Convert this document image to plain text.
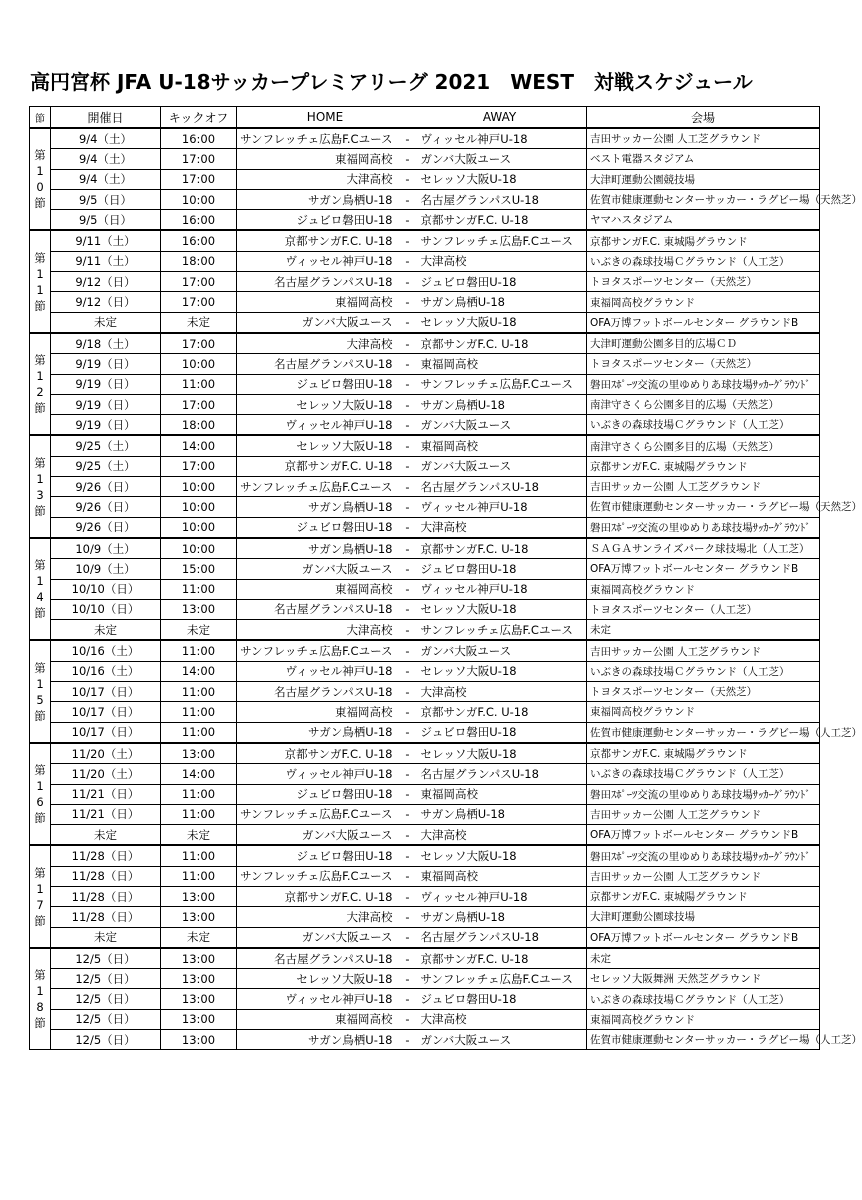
高円宮杯 JFA U-18サッカープレミアリーグ 2021　WEST　対戦スケジュール
節	開催日	キックオフ	HOME AWAY			会場

第
1
0
節	9/4（土）	16:00	サンフレッチェ広島F.Cユース	-	ヴィッセル神戸U-18	吉田サッカー公園 人工芝グラウンド
	9/4（土）	17:00	東福岡高校	-	ガンバ大阪ユース	ベスト電器スタジアム
	9/4（土）	17:00	大津高校	-	セレッソ大阪U-18	大津町運動公園競技場
	9/5（日）	10:00	サガン鳥栖U-18	-	名古屋グランパスU-18	佐賀市健康運動センターサッカー・ラグビー場（天然芝）
	9/5（日）	16:00	ジュビロ磐田U-18	-	京都サンガF.C. U-18	ヤマハスタジアム

第
1
1
節	9/11（土）	16:00	京都サンガF.C. U-18	-	サンフレッチェ広島F.Cユース	京都サンガF.C. 東城陽グラウンド
	9/11（土）	18:00	ヴィッセル神戸U-18	-	大津高校	いぶきの森球技場Ｃグラウンド（人工芝）
	9/12（日）	17:00	名古屋グランパスU-18	-	ジュビロ磐田U-18	トヨタスポーツセンター（天然芝）
	9/12（日）	17:00	東福岡高校	-	サガン鳥栖U-18	東福岡高校グラウンド
	未定	未定	ガンバ大阪ユース	-	セレッソ大阪U-18	OFA万博フットボールセンター グラウンドB

第
1
2
節	9/18（土）	17:00	大津高校	-	京都サンガF.C. U-18	大津町運動公園多目的広場ＣＤ
	9/19（日）	10:00	名古屋グランパスU-18	-	東福岡高校	トヨタスポーツセンター（天然芝）
	9/19（日）	11:00	ジュビロ磐田U-18	-	サンフレッチェ広島F.Cユース	磐田ｽﾎﾟｰﾂ交流の里ゆめりあ球技場ｻｯｶｰｸﾞﾗｳﾝﾄﾞ
	9/19（日）	17:00	セレッソ大阪U-18	-	サガン鳥栖U-18	南津守さくら公園多目的広場（天然芝）
	9/19（日）	18:00	ヴィッセル神戸U-18	-	ガンバ大阪ユース	いぶきの森球技場Ｃグラウンド（人工芝）

第
1
3
節	9/25（土）	14:00	セレッソ大阪U-18	-	東福岡高校	南津守さくら公園多目的広場（天然芝）
	9/25（土）	17:00	京都サンガF.C. U-18	-	ガンバ大阪ユース	京都サンガF.C. 東城陽グラウンド
	9/26（日）	10:00	サンフレッチェ広島F.Cユース	-	名古屋グランパスU-18	吉田サッカー公園 人工芝グラウンド
	9/26（日）	10:00	サガン鳥栖U-18	-	ヴィッセル神戸U-18	佐賀市健康運動センターサッカー・ラグビー場（天然芝）
	9/26（日）	10:00	ジュビロ磐田U-18	-	大津高校	磐田ｽﾎﾟｰﾂ交流の里ゆめりあ球技場ｻｯｶｰｸﾞﾗｳﾝﾄﾞ

第
1
4
節	10/9（土）	10:00	サガン鳥栖U-18	-	京都サンガF.C. U-18	ＳＡＧＡサンライズパーク球技場北（人工芝）
	10/9（土）	15:00	ガンバ大阪ユース	-	ジュビロ磐田U-18	OFA万博フットボールセンター グラウンドB
	10/10（日）	11:00	東福岡高校	-	ヴィッセル神戸U-18	東福岡高校グラウンド
	10/10（日）	13:00	名古屋グランパスU-18	-	セレッソ大阪U-18	トヨタスポーツセンター（人工芝）
	未定	未定	大津高校	-	サンフレッチェ広島F.Cユース	未定

第
1
5
節	10/16（土）	11:00	サンフレッチェ広島F.Cユース	-	ガンバ大阪ユース	吉田サッカー公園 人工芝グラウンド
	10/16（土）	14:00	ヴィッセル神戸U-18	-	セレッソ大阪U-18	いぶきの森球技場Ｃグラウンド（人工芝）
	10/17（日）	11:00	名古屋グランパスU-18	-	大津高校	トヨタスポーツセンター（天然芝）
	10/17（日）	11:00	東福岡高校	-	京都サンガF.C. U-18	東福岡高校グラウンド
	10/17（日）	11:00	サガン鳥栖U-18	-	ジュビロ磐田U-18	佐賀市健康運動センターサッカー・ラグビー場（人工芝）

第
1
6
節	11/20（土）	13:00	京都サンガF.C. U-18	-	セレッソ大阪U-18	京都サンガF.C. 東城陽グラウンド
	11/20（土）	14:00	ヴィッセル神戸U-18	-	名古屋グランパスU-18	いぶきの森球技場Ｃグラウンド（人工芝）
	11/21（日）	11:00	ジュビロ磐田U-18	-	東福岡高校	磐田ｽﾎﾟｰﾂ交流の里ゆめりあ球技場ｻｯｶｰｸﾞﾗｳﾝﾄﾞ
	11/21（日）	11:00	サンフレッチェ広島F.Cユース	-	サガン鳥栖U-18	吉田サッカー公園 人工芝グラウンド
	未定	未定	ガンバ大阪ユース	-	大津高校	OFA万博フットボールセンター グラウンドB

第
1
7
節	11/28（日）	11:00	ジュビロ磐田U-18	-	セレッソ大阪U-18	磐田ｽﾎﾟｰﾂ交流の里ゆめりあ球技場ｻｯｶｰｸﾞﾗｳﾝﾄﾞ
	11/28（日）	11:00	サンフレッチェ広島F.Cユース	-	東福岡高校	吉田サッカー公園 人工芝グラウンド
	11/28（日）	13:00	京都サンガF.C. U-18	-	ヴィッセル神戸U-18	京都サンガF.C. 東城陽グラウンド
	11/28（日）	13:00	大津高校	-	サガン鳥栖U-18	大津町運動公園球技場
	未定	未定	ガンバ大阪ユース	-	名古屋グランパスU-18	OFA万博フットボールセンター グラウンドB

第
1
8
節	12/5（日）	13:00	名古屋グランパスU-18	-	京都サンガF.C. U-18	未定
	12/5（日）	13:00	セレッソ大阪U-18	-	サンフレッチェ広島F.Cユース	セレッソ大阪舞洲 天然芝グラウンド
	12/5（日）	13:00	ヴィッセル神戸U-18	-	ジュビロ磐田U-18	いぶきの森球技場Ｃグラウンド（人工芝）
	12/5（日）	13:00	東福岡高校	-	大津高校	東福岡高校グラウンド
	12/5（日）	13:00	サガン鳥栖U-18	-	ガンバ大阪ユース	佐賀市健康運動センターサッカー・ラグビー場（人工芝）
